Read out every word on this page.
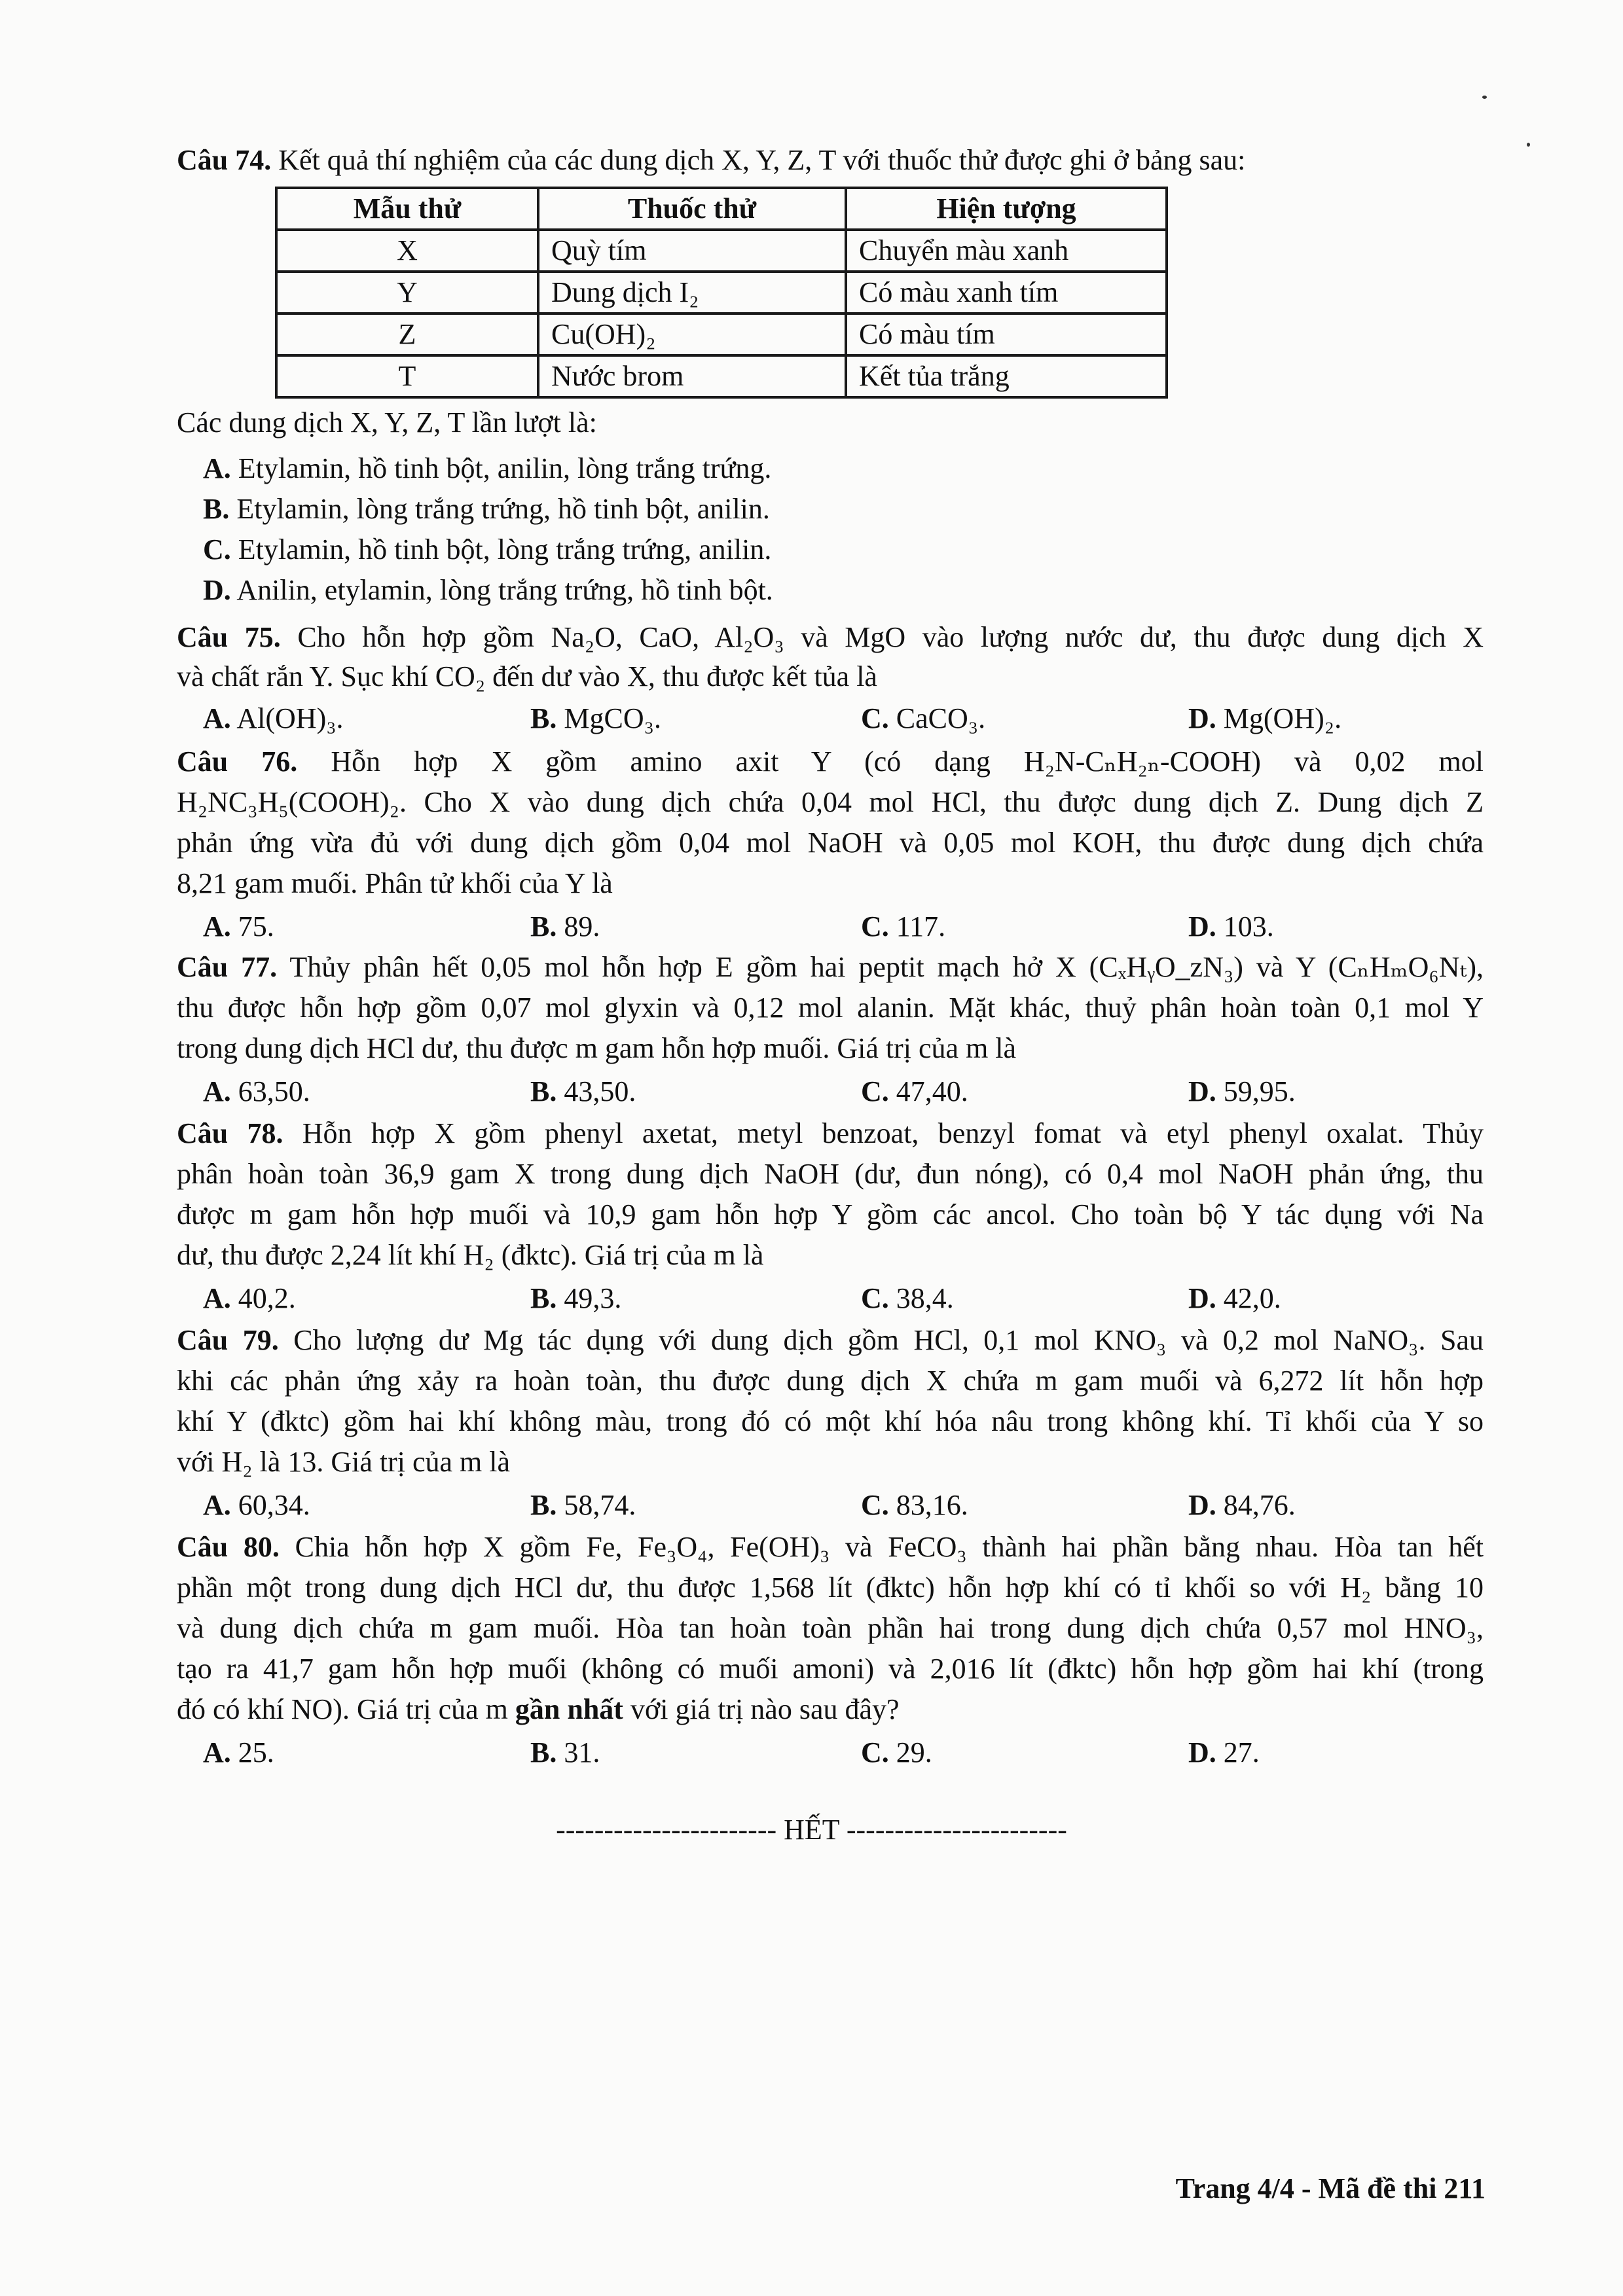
Câu 74. Kết quả thí nghiệm của các dung dịch X, Y, Z, T với thuốc thử được ghi ở bảng sau:
Mẫu thử	Thuốc thử	Hiện tượng
X	Quỳ tím	Chuyển màu xanh
Y	Dung dịch I₂	Có màu xanh tím
Z	Cu(OH)₂	Có màu tím
T	Nước brom	Kết tủa trắng
Các dung dịch X, Y, Z, T lần lượt là:
A. Etylamin, hồ tinh bột, anilin, lòng trắng trứng.
B. Etylamin, lòng trắng trứng, hồ tinh bột, anilin.
C. Etylamin, hồ tinh bột, lòng trắng trứng, anilin.
D. Anilin, etylamin, lòng trắng trứng, hồ tinh bột.
Câu 75. Cho hỗn hợp gồm Na₂O, CaO, Al₂O₃ và MgO vào lượng nước dư, thu được dung dịch X
và chất rắn Y. Sục khí CO₂ đến dư vào X, thu được kết tủa là
A. Al(OH)₃.	B. MgCO₃.	C. CaCO₃.	D. Mg(OH)₂.
Câu 76. Hỗn hợp X gồm amino axit Y (có dạng H₂N-CₙH₂ₙ-COOH) và 0,02 mol
H₂NC₃H₅(COOH)₂. Cho X vào dung dịch chứa 0,04 mol HCl, thu được dung dịch Z. Dung dịch Z
phản ứng vừa đủ với dung dịch gồm 0,04 mol NaOH và 0,05 mol KOH, thu được dung dịch chứa
8,21 gam muối. Phân tử khối của Y là
A. 75.	B. 89.	C. 117.	D. 103.
Câu 77. Thủy phân hết 0,05 mol hỗn hợp E gồm hai peptit mạch hở X (CₓHᵧO_zN₃) và Y (CₙHₘO₆Nₜ),
thu được hỗn hợp gồm 0,07 mol glyxin và 0,12 mol alanin. Mặt khác, thuỷ phân hoàn toàn 0,1 mol Y
trong dung dịch HCl dư, thu được m gam hỗn hợp muối. Giá trị của m là
A. 63,50.	B. 43,50.	C. 47,40.	D. 59,95.
Câu 78. Hỗn hợp X gồm phenyl axetat, metyl benzoat, benzyl fomat và etyl phenyl oxalat. Thủy
phân hoàn toàn 36,9 gam X trong dung dịch NaOH (dư, đun nóng), có 0,4 mol NaOH phản ứng, thu
được m gam hỗn hợp muối và 10,9 gam hỗn hợp Y gồm các ancol. Cho toàn bộ Y tác dụng với Na
dư, thu được 2,24 lít khí H₂ (đktc). Giá trị của m là
A. 40,2.	B. 49,3.	C. 38,4.	D. 42,0.
Câu 79. Cho lượng dư Mg tác dụng với dung dịch gồm HCl, 0,1 mol KNO₃ và 0,2 mol NaNO₃. Sau
khi các phản ứng xảy ra hoàn toàn, thu được dung dịch X chứa m gam muối và 6,272 lít hỗn hợp
khí Y (đktc) gồm hai khí không màu, trong đó có một khí hóa nâu trong không khí. Tỉ khối của Y so
với H₂ là 13. Giá trị của m là
A. 60,34.	B. 58,74.	C. 83,16.	D. 84,76.
Câu 80. Chia hỗn hợp X gồm Fe, Fe₃O₄, Fe(OH)₃ và FeCO₃ thành hai phần bằng nhau. Hòa tan hết
phần một trong dung dịch HCl dư, thu được 1,568 lít (đktc) hỗn hợp khí có tỉ khối so với H₂ bằng 10
và dung dịch chứa m gam muối. Hòa tan hoàn toàn phần hai trong dung dịch chứa 0,57 mol HNO₃,
tạo ra 41,7 gam hỗn hợp muối (không có muối amoni) và 2,016 lít (đktc) hỗn hợp gồm hai khí (trong
đó có khí NO). Giá trị của m gần nhất với giá trị nào sau đây?
A. 25.	B. 31.	C. 29.	D. 27.
----------------------- HẾT -----------------------
Trang 4/4 - Mã đề thi 211
